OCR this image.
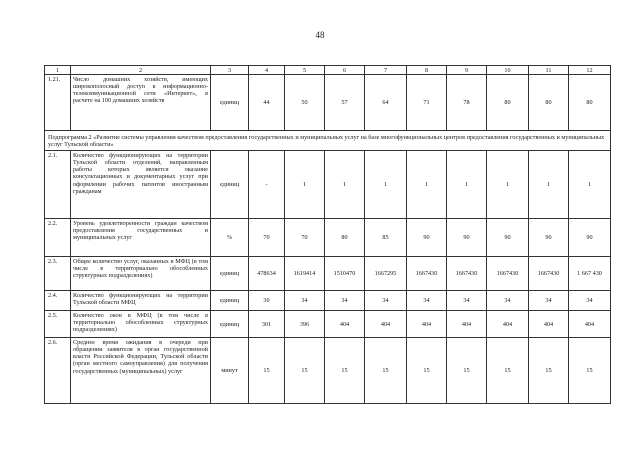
48
1	2	3	4	5	6	7	8	9	10	11	12
1.21.	Число домашних хозяйств, имеющих широкополосный доступ к информационно-телекоммуникационной сети «Интернет», в расчете на 100 домашних хозяйств	единиц	44	50	57	64	71	78	80	80	80
Подпрограмма 2 «Развитие системы управления качеством предоставления государственных и муниципальных услуг на базе многофункциональных центров предоставления государственных и муниципальных услуг Тульской области»											
2.1.	Количество функционирующих на территории Тульской области отделений, направленным работы которых является оказание консультационных и документарных услуг при оформлении рабочих патентов иностранным гражданам	единиц	-	1	1	1	1	1	1	1	1
2.2.	Уровень удовлетворенности граждан качеством предоставления государственных и муниципальных услуг	%	70	70	80	85	90	90	90	90	90
2.3.	Общее количество услуг, оказанных в МФЦ (в том числе в территориально обособленных структурных подразделениях)	единиц	478634	1619414	1510470	1667295	1667430	1667430	1667430	1667430	1 667 430
2.4.	Количество функционирующих на территории Тульской области МФЦ	единиц	30	34	34	34	34	34	34	34	34
2.5.	Количество окон в МФЦ (в том числе в территориально обособленных структурных подразделениях)	единиц	301	396	404	404	404	404	404	404	404
2.6.	Среднее время ожидания в очереди при обращении заявителя в орган государственной власти Российской Федерации, Тульской области (орган местного самоуправления) для получения государственных (муниципальных) услуг	минут	15	15	15	15	15	15	15	15	15
